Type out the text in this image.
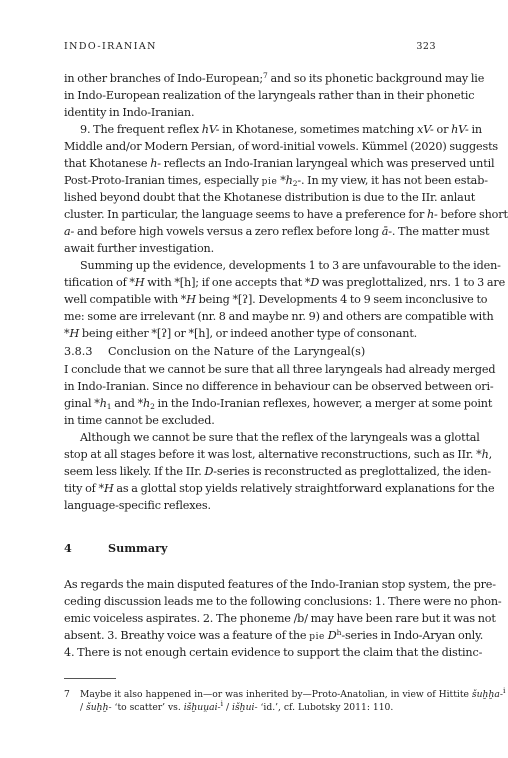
INDO-IRANIAN	323
in other branches of Indo-European;$^7$ and so its phonetic background may lie
in Indo-European realization of the laryngeals rather than in their phonetic
identity in Indo-Iranian.
9. The frequent reflex hV- in Khotanese, sometimes matching xV- or hV- in
Middle and/or Modern Persian, of word-initial vowels. Kümmel (2020) suggests
that Khotanese h- reflects an Indo-Iranian laryngeal which was preserved until
Post-Proto-Iranian times, especially pie $*h_2-$. In my view, it has not been estab-
lished beyond doubt that the Khotanese distribution is due to the IIr. anlaut
cluster. In particular, the language seems to have a preference for h- before short
a- and before high vowels versus a zero reflex before long ā-. The matter must
await further investigation.
Summing up the evidence, developments 1 to 3 are unfavourable to the iden-
tification of *H with *[h]; if one accepts that *D was preglottalized, nrs. 1 to 3 are
well compatible with *H being *[ʔ]. Developments 4 to 9 seem inconclusive to
me: some are irrelevant (nr. 8 and maybe nr. 9) and others are compatible with
*H being either *[ʔ] or *[h], or indeed another type of consonant.
3.8.3 Conclusion on the Nature of the Laryngeal(s)
I conclude that we cannot be sure that all three laryngeals had already merged
in Indo-Iranian. Since no difference in behaviour can be observed between ori-
ginal $*h_1$ and $*h_2$ in the Indo-Iranian reflexes, however, a merger at some point
in time cannot be excluded.
Although we cannot be sure that the reflex of the laryngeals was a glottal
stop at all stages before it was lost, alternative reconstructions, such as IIr. *h,
seem less likely. If the IIr. D-series is reconstructed as preglottalized, the iden-
tity of *H as a glottal stop yields relatively straightforward explanations for the
language-specific reflexes.
4	Summary
As regards the main disputed features of the Indo-Iranian stop system, the pre-
ceding discussion leads me to the following conclusions: 1. There were no phon-
emic voiceless aspirates. 2. The phoneme /b/ may have been rare but it was not
absent. 3. Breathy voice was a feature of the pie $D^h$-series in Indo-Aryan only.
4. There is not enough certain evidence to support the claim that the distinc-
7	Maybe it also happened in—or was inherited by—Proto-Anatolian, in view of Hittite šuḫḫa-$^i$
/ šuḫḫ- ‘to scatter’ vs. išḫuu̯ai-$^i$ / išḫui- ‘id.’, cf. Lubotsky 2011: 110.
